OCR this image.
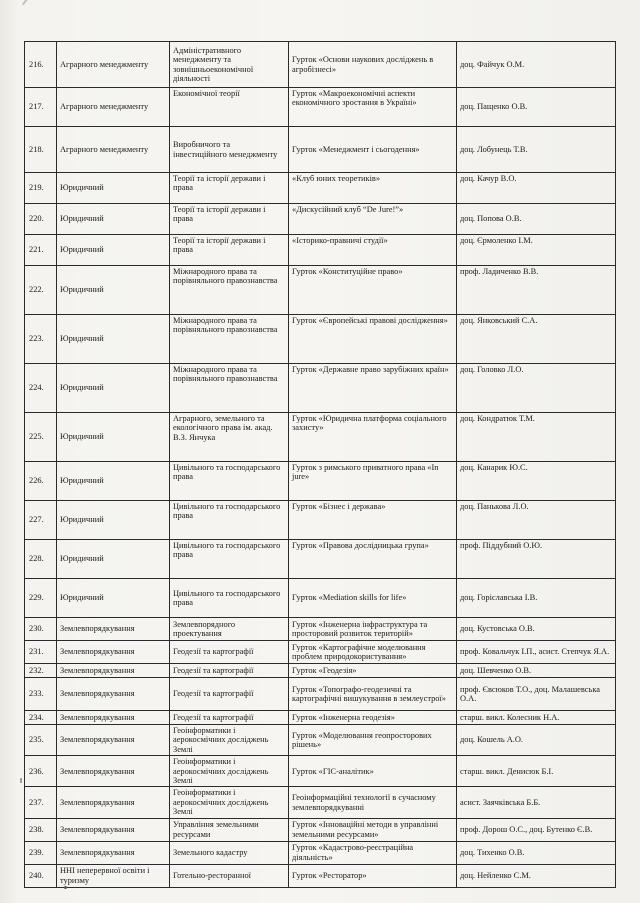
216.	Аграрного менеджменту	Адміністративного менеджменту та зовнішньоекономічної діяльності	Гурток «Основи наукових досліджень в агробізнесі»	доц. Файчук О.М.
217.	Аграрного менеджменту	Економічної теорії	Гурток «Макроекономічні аспекти економічного зростання в Україні»	доц. Пащенко О.В.
218.	Аграрного менеджменту	Виробничого та інвестиційного менеджменту	Гурток «Менеджмент і сьогодення»	доц. Лобунець Т.В.
219.	Юридичний	Теорії та історії держави і права	«Клуб юних теоретиків»	доц. Качур В.О.
220.	Юридичний	Теорії та історії держави і права	«Дискусійний клуб “De Jure!”»	доц. Попова О.В.
221.	Юридичний	Теорії та історії держави і права	«Історико-правничі студії»	доц. Єрмоленко І.М.
222.	Юридичний	Міжнародного права та порівняльного правознавства	Гурток «Конституційне право»	проф. Ладиченко В.В.
223.	Юридичний	Міжнародного права та порівняльного правознавства	Гурток «Європейські правові дослідження»	доц. Янковський С.А.
224.	Юридичний	Міжнародного права та порівняльного правознавства	Гурток «Державне право зарубіжних країн»	доц. Головко Л.О.
225.	Юридичний	Аграрного, земельного та екологічного права ім. акад. В.З. Янчука	Гурток «Юридична платформа соціального захисту»	доц. Кондратюк Т.М.
226.	Юридичний	Цивільного та господарського права	Гурток з римського приватного права «In jure»	доц. Канарик Ю.С.
227.	Юридичний	Цивільного та господарського права	Гурток «Бізнес і держава»	доц. Панькова Л.О.
228.	Юридичний	Цивільного та господарського права	Гурток «Правова дослідницька група»	проф. Піддубний О.Ю.
229.	Юридичний	Цивільного та господарського права	Гурток «Mediation skills for life»	доц. Горіславська І.В.
230.	Землевпорядкування	Землевпорядного проектування	Гурток «Інженерна інфраструктура та просторовий розвиток територій»	доц. Кустовська О.В.
231.	Землевпорядкування	Геодезії та картографії	Гурток «Картографічне моделювання проблем природокористування»	проф. Ковальчук І.П., асист. Степчук Я.А.
232.	Землевпорядкування	Геодезії та картографії	Гурток «Геодезія»	доц. Шевченко О.В.
233.	Землевпорядкування	Геодезії та картографії	Гурток «Топографо-геодезичні та картографічні вишукування в землеустрої»	проф. Євсюков Т.О., доц. Малашевська О.А.
234.	Землевпорядкування	Геодезії та картографії	Гурток «Інженерна геодезія»	старш. викл. Колесник Н.А.
235.	Землевпорядкування	Геоінформатики і аерокосмічних досліджень Землі	Гурток «Моделювання геопросторових рішень»	доц. Кошель А.О.
236.	Землевпорядкування	Геоінформатики і аерокосмічних досліджень Землі	Гурток «ГІС-аналітик»	старш. викл. Денисюк Б.І.
237.	Землевпорядкування	Геоінформатики і аерокосмічних досліджень Землі	Геоінформаційні технології в сучасному землевпорядкуванні	асист. Заячківська Б.Б.
238.	Землевпорядкування	Управління земельними ресурсами	Гурток «Інноваційні методи в управлінні земельними ресурсами»	проф. Дорош О.С., доц. Бутенко Є.В.
239.	Землевпорядкування	Земельного кадастру	Гурток «Кадастрово-реєстраційна діяльність»	доц. Тихенко О.В.
240.	ННІ неперервної освіти і туризму	Готельно-ресторанної	Гурток «Ресторатор»	доц. Нейленко С.М.
